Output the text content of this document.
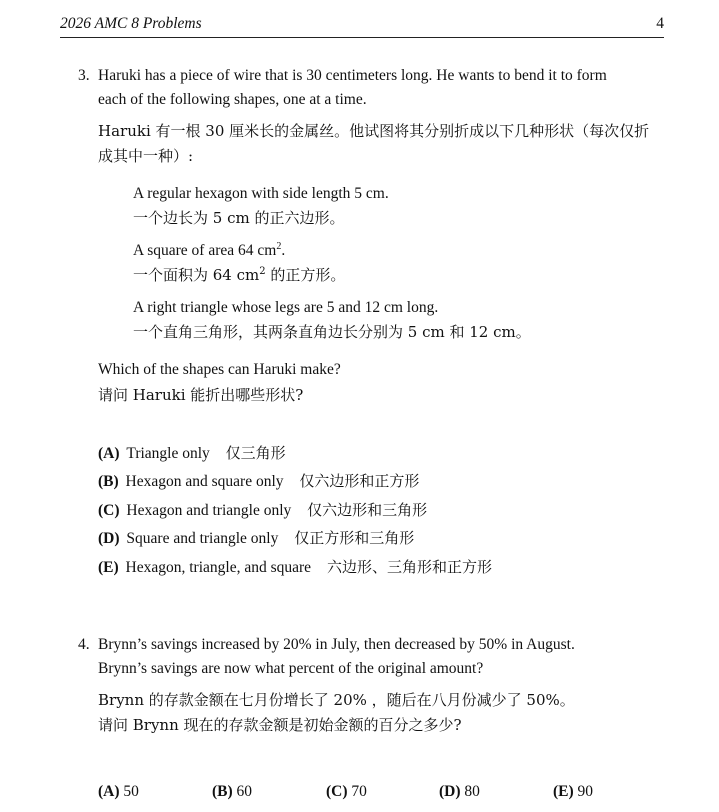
2026 AMC 8 Problems	4
3. Haruki has a piece of wire that is 30 centimeters long. He wants to bend it to form
each of the following shapes, one at a time.
Haruki 有一根 30 厘米长的金属丝。他试图将其分别折成以下几种形状（每次仅折
成其中一种）:
A regular hexagon with side length 5 cm.
一个边长为 5 cm 的正六边形。
A square of area 64 $cm^2$.
一个面积为 64 $cm^2$ 的正方形。
A right triangle whose legs are 5 and 12 cm long.
一个直角三角形，其两条直角边长分别为 5 cm 和 12 cm。
Which of the shapes can Haruki make?
请问 Haruki 能折出哪些形状?
(A) Triangle only 仅三角形
(B) Hexagon and square only 仅六边形和正方形
(C) Hexagon and triangle only 仅六边形和三角形
(D) Square and triangle only 仅正方形和三角形
(E) Hexagon, triangle, and square 六边形、三角形和正方形
4. Brynn’s savings increased by 20% in July, then decreased by 50% in August.
Brynn’s savings are now what percent of the original amount?
Brynn 的存款金额在七月份增长了 20% ，随后在八月份减少了 50%。
请问 Brynn 现在的存款金额是初始金额的百分之多少?
(A) 50	(B) 60	(C) 70	(D) 80	(E) 90
